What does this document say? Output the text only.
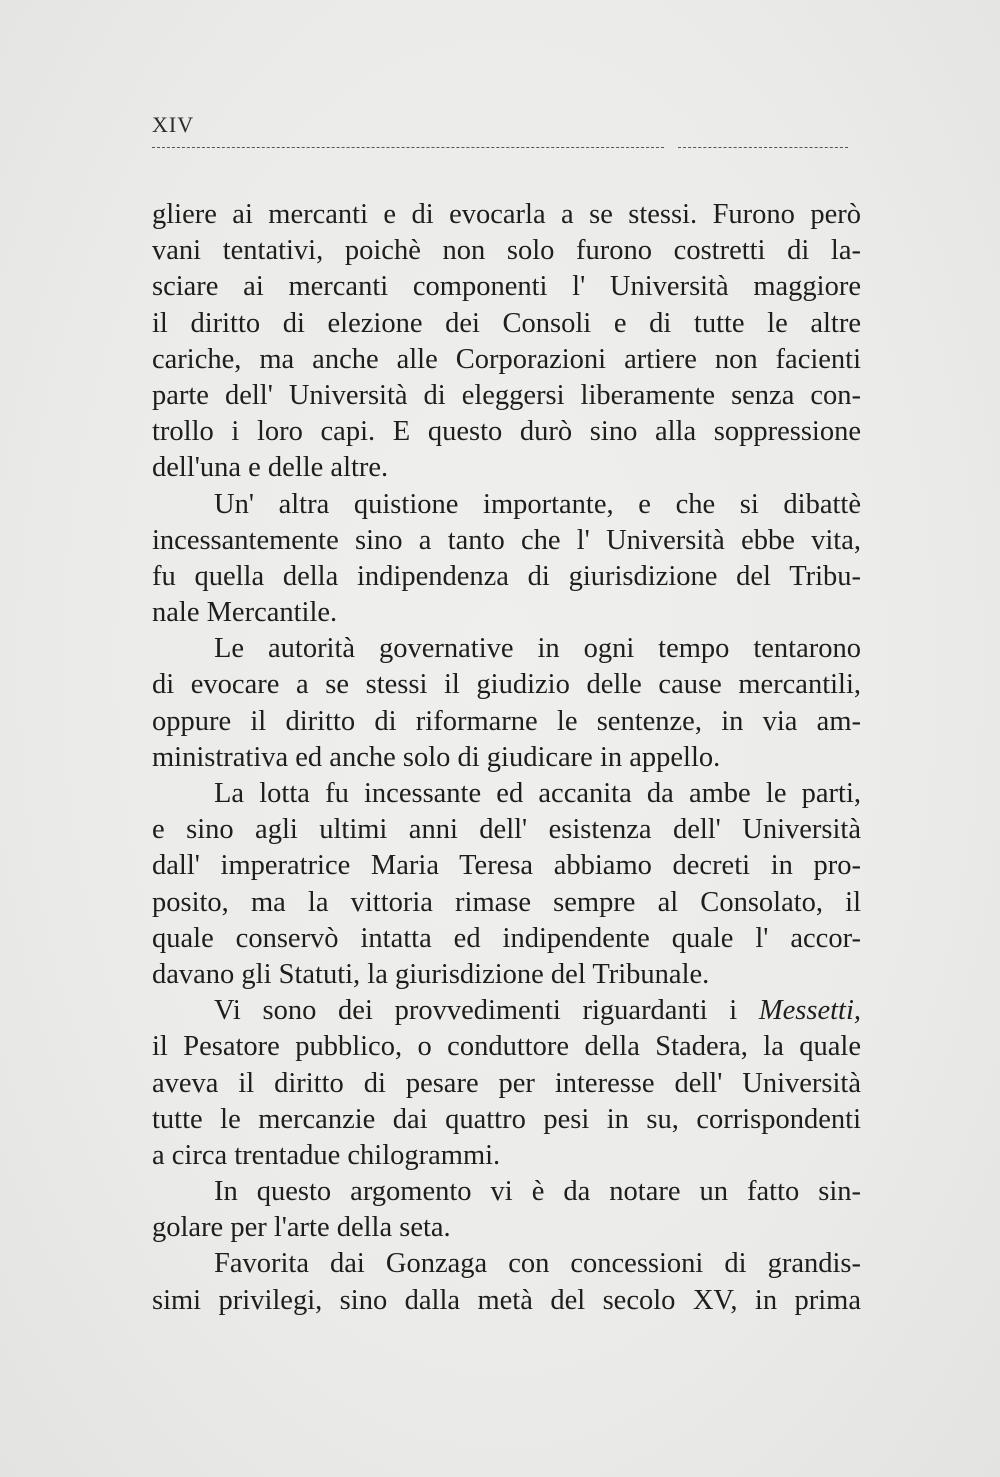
XIV
gliere ai mercanti e di evocarla a se stessi. Furono però
vani tentativi, poichè non solo furono costretti di la-
sciare ai mercanti componenti l' Università maggiore
il diritto di elezione dei Consoli e di tutte le altre
cariche, ma anche alle Corporazioni artiere non facienti
parte dell' Università di eleggersi liberamente senza con-
trollo i loro capi. E questo durò sino alla soppressione
dell'una e delle altre.
Un' altra quistione importante, e che si dibattè
incessantemente sino a tanto che l' Università ebbe vita,
fu quella della indipendenza di giurisdizione del Tribu-
nale Mercantile.
Le autorità governative in ogni tempo tentarono
di evocare a se stessi il giudizio delle cause mercantili,
oppure il diritto di riformarne le sentenze, in via am-
ministrativa ed anche solo di giudicare in appello.
La lotta fu incessante ed accanita da ambe le parti,
e sino agli ultimi anni dell' esistenza dell' Università
dall' imperatrice Maria Teresa abbiamo decreti in pro-
posito, ma la vittoria rimase sempre al Consolato, il
quale conservò intatta ed indipendente quale l' accor-
davano gli Statuti, la giurisdizione del Tribunale.
Vi sono dei provvedimenti riguardanti i Messetti,
il Pesatore pubblico, o conduttore della Stadera, la quale
aveva il diritto di pesare per interesse dell' Università
tutte le mercanzie dai quattro pesi in su, corrispondenti
a circa trentadue chilogrammi.
In questo argomento vi è da notare un fatto sin-
golare per l'arte della seta.
Favorita dai Gonzaga con concessioni di grandis-
simi privilegi, sino dalla metà del secolo XV, in prima
